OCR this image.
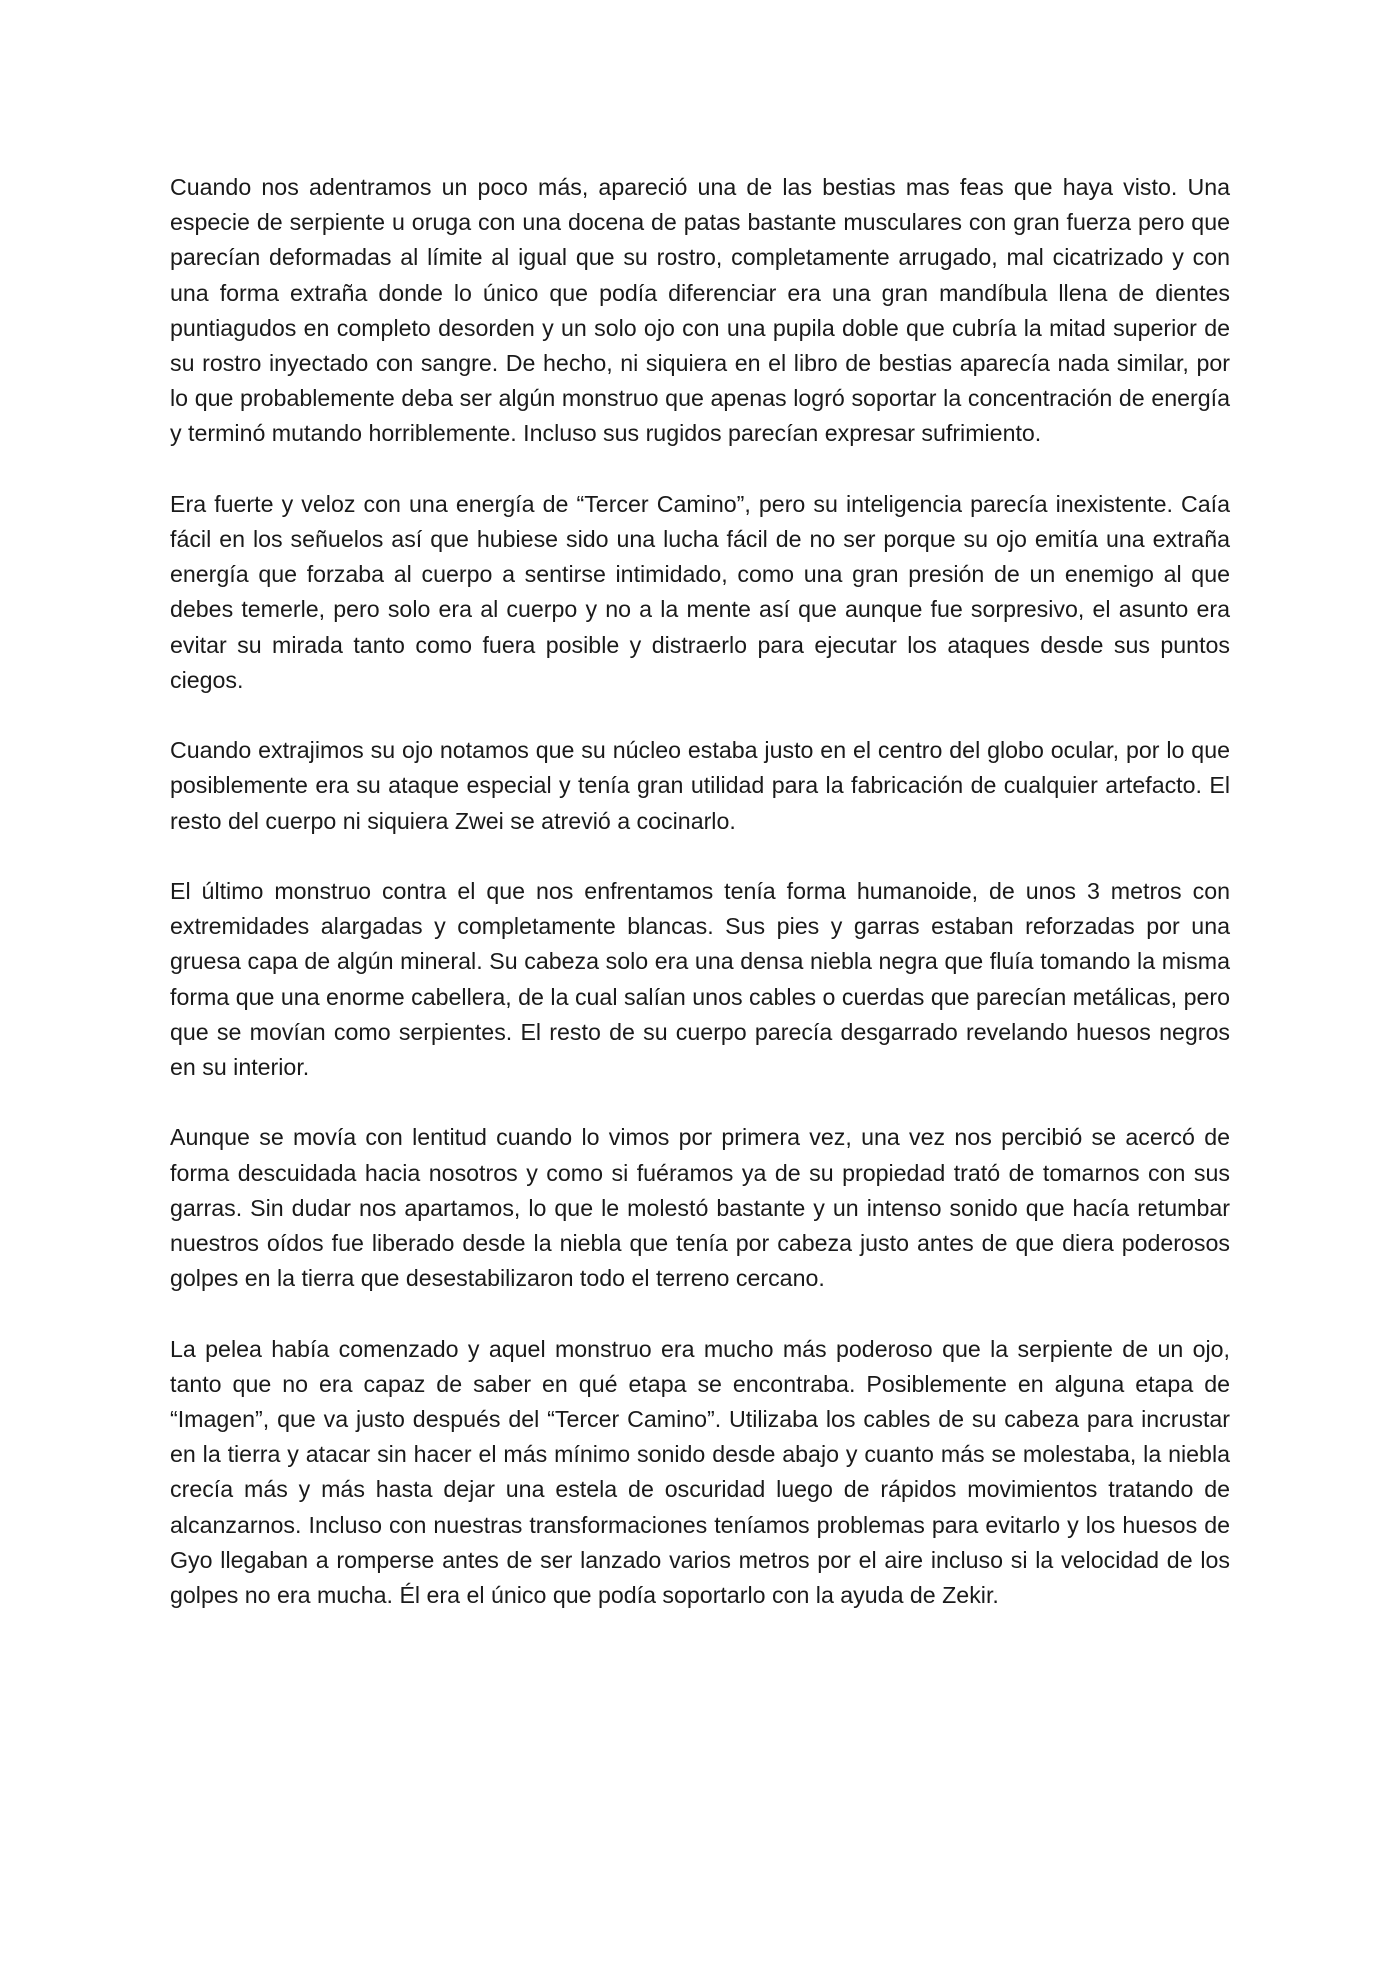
Cuando nos adentramos un poco más, apareció una de las bestias mas feas que haya visto. Una especie de serpiente u oruga con una docena de patas bastante musculares con gran fuerza pero que parecían deformadas al límite al igual que su rostro, completamente arrugado, mal cicatrizado y con una forma extraña donde lo único que podía diferenciar era una gran mandíbula llena de dientes puntiagudos en completo desorden y un solo ojo con una pupila doble que cubría la mitad superior de su rostro inyectado con sangre. De hecho, ni siquiera en el libro de bestias aparecía nada similar, por lo que probablemente deba ser algún monstruo que apenas logró soportar la concentración de energía y terminó mutando horriblemente. Incluso sus rugidos parecían expresar sufrimiento.

Era fuerte y veloz con una energía de “Tercer Camino”, pero su inteligencia parecía inexistente. Caía fácil en los señuelos así que hubiese sido una lucha fácil de no ser porque su ojo emitía una extraña energía que forzaba al cuerpo a sentirse intimidado, como una gran presión de un enemigo al que debes temerle, pero solo era al cuerpo y no a la mente así que aunque fue sorpresivo, el asunto era evitar su mirada tanto como fuera posible y distraerlo para ejecutar los ataques desde sus puntos ciegos.

Cuando extrajimos su ojo notamos que su núcleo estaba justo en el centro del globo ocular, por lo que posiblemente era su ataque especial y tenía gran utilidad para la fabricación de cualquier artefacto. El resto del cuerpo ni siquiera Zwei se atrevió a cocinarlo.

El último monstruo contra el que nos enfrentamos tenía forma humanoide, de unos 3 metros con extremidades alargadas y completamente blancas. Sus pies y garras estaban reforzadas por una gruesa capa de algún mineral. Su cabeza solo era una densa niebla negra que fluía tomando la misma forma que una enorme cabellera, de la cual salían unos cables o cuerdas que parecían metálicas, pero que se movían como serpientes. El resto de su cuerpo parecía desgarrado revelando huesos negros en su interior.

Aunque se movía con lentitud cuando lo vimos por primera vez, una vez nos percibió se acercó de forma descuidada hacia nosotros y como si fuéramos ya de su propiedad trató de tomarnos con sus garras. Sin dudar nos apartamos, lo que le molestó bastante y un intenso sonido que hacía retumbar nuestros oídos fue liberado desde la niebla que tenía por cabeza justo antes de que diera poderosos golpes en la tierra que desestabilizaron todo el terreno cercano.

La pelea había comenzado y aquel monstruo era mucho más poderoso que la serpiente de un ojo, tanto que no era capaz de saber en qué etapa se encontraba. Posiblemente en alguna etapa de “Imagen”, que va justo después del “Tercer Camino”. Utilizaba los cables de su cabeza para incrustar en la tierra y atacar sin hacer el más mínimo sonido desde abajo y cuanto más se molestaba, la niebla crecía más y más hasta dejar una estela de oscuridad luego de rápidos movimientos tratando de alcanzarnos. Incluso con nuestras transformaciones teníamos problemas para evitarlo y los huesos de Gyo llegaban a romperse antes de ser lanzado varios metros por el aire incluso si la velocidad de los golpes no era mucha. Él era el único que podía soportarlo con la ayuda de Zekir.
